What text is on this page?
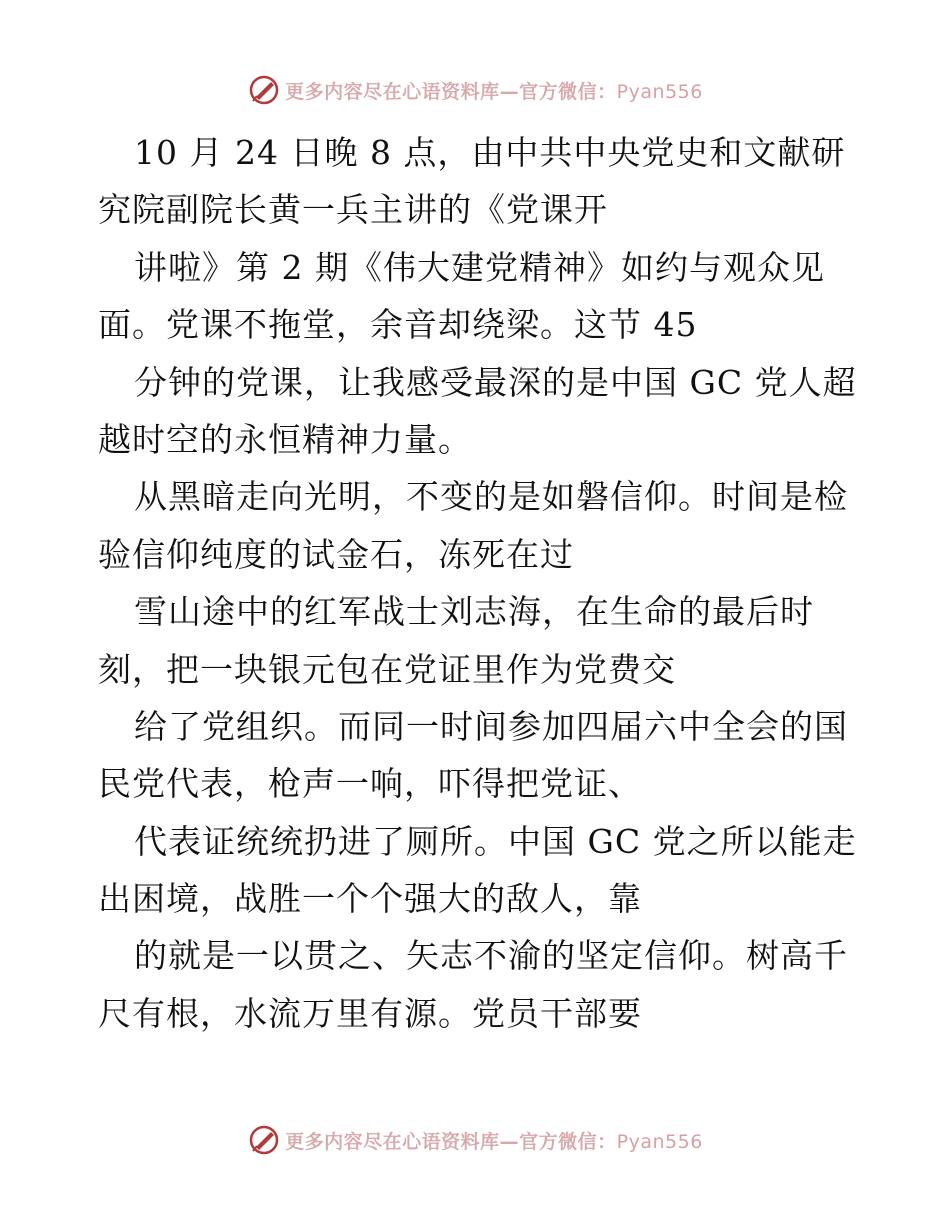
更多内容尽在心语资料库—官方微信：Pyan556
10 月 24 日晚 8 点，由中共中央党史和文献研
究院副院长黄一兵主讲的《党课开
讲啦》第 2 期《伟大建党精神》如约与观众见
面。党课不拖堂，余音却绕梁。这节 45
分钟的党课，让我感受最深的是中国 GC 党人超
越时空的永恒精神力量。
从黑暗走向光明，不变的是如磐信仰。时间是检
验信仰纯度的试金石，冻死在过
雪山途中的红军战士刘志海，在生命的最后时
刻，把一块银元包在党证里作为党费交
给了党组织。而同一时间参加四届六中全会的国
民党代表，枪声一响，吓得把党证、
代表证统统扔进了厕所。中国 GC 党之所以能走
出困境，战胜一个个强大的敌人，靠
的就是一以贯之、矢志不渝的坚定信仰。树高千
尺有根，水流万里有源。党员干部要
更多内容尽在心语资料库—官方微信：Pyan556
